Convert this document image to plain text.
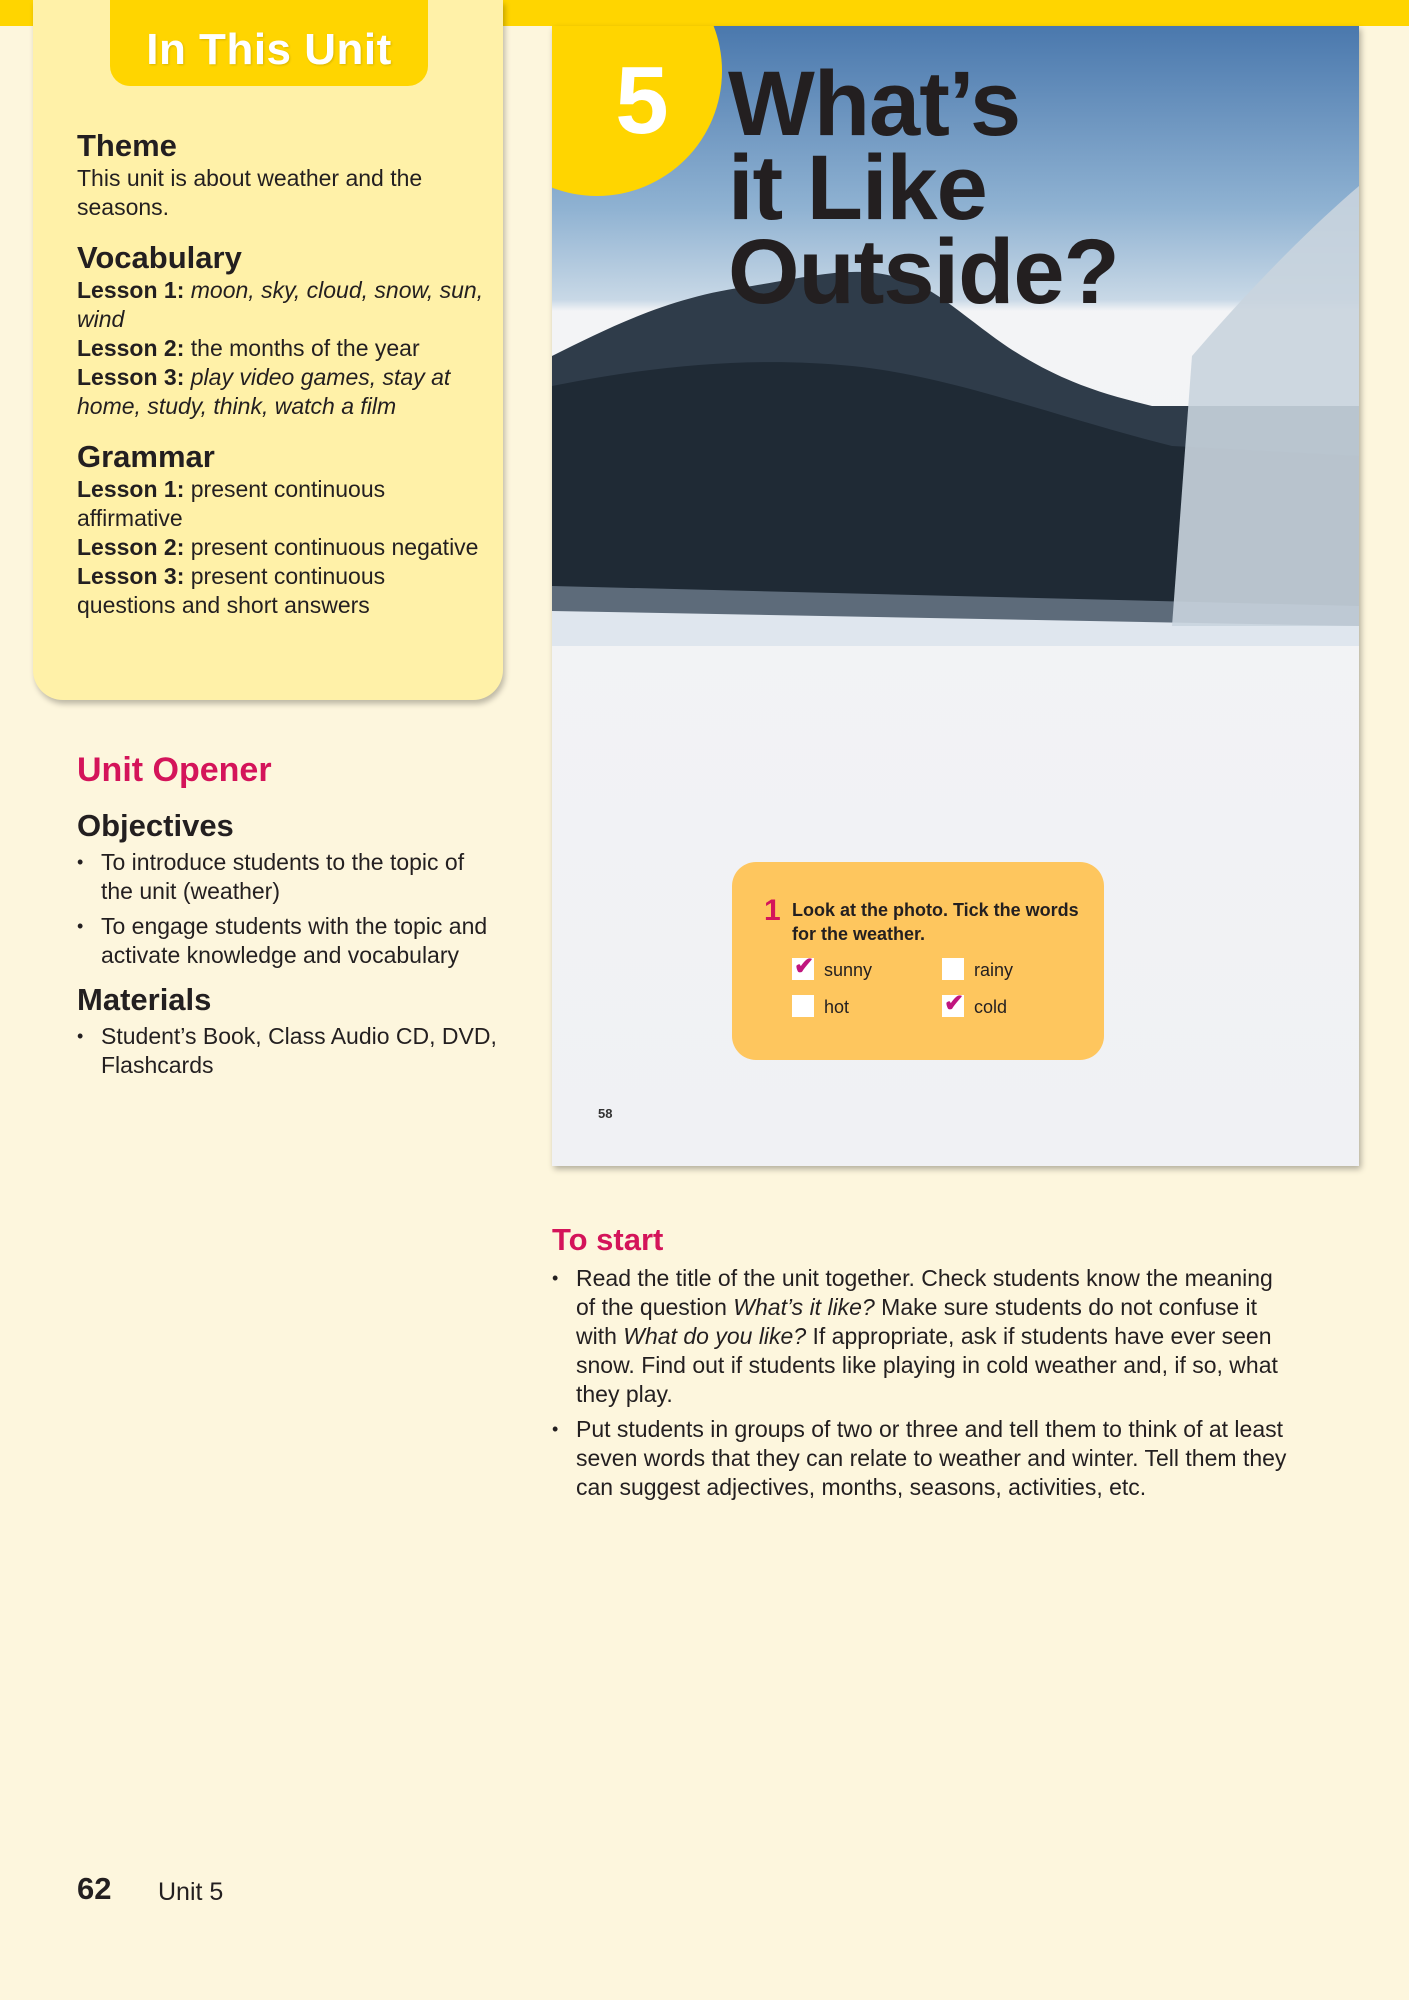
In This Unit
Theme

This unit is about weather and the seasons.

Vocabulary
Lesson 1: moon, sky, cloud, snow, sun, wind
Lesson 2: the months of the year
Lesson 3: play video games, stay at home, study, think, watch a film
Grammar
Lesson 1: present continuous affirmative
Lesson 2: present continuous negative
Lesson 3: present continuous questions and short answers
Unit Opener
Objectives
• To introduce students to the topic of the unit (weather)
• To engage students with the topic and activate knowledge and vocabulary
Materials
• Student’s Book, Class Audio CD, DVD, Flashcards
5 What’s
it Like
Outside?
1 Look at the photo. Tick the words for the weather.
✔ sunny	rainy
hot	✔ cold
58
To start
• Read the title of the unit together. Check students know the meaning of the question What’s it like? Make sure students do not confuse it with What do you like? If appropriate, ask if students have ever seen snow. Find out if students like playing in cold weather and, if so, what they play.
• Put students in groups of two or three and tell them to think of at least seven words that they can relate to weather and winter. Tell them they can suggest adjectives, months, seasons, activities, etc.
62 Unit 5
